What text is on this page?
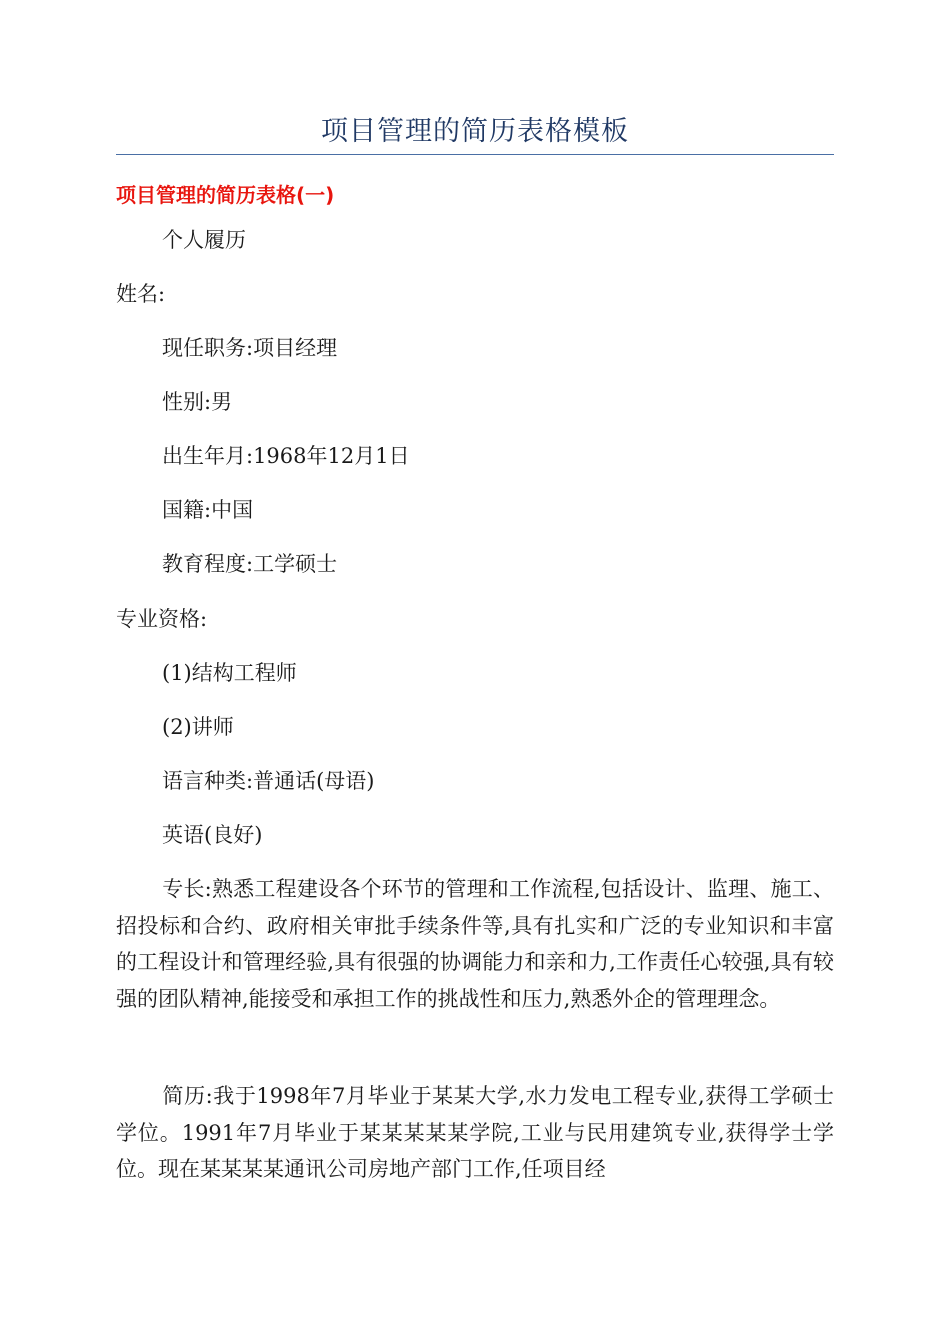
项目管理的简历表格模板
项目管理的简历表格(一)
个人履历
姓名:
现任职务:项目经理
性别:男
出生年月:1968年12月1日
国籍:中国
教育程度:工学硕士
专业资格:
(1)结构工程师
(2)讲师
语言种类:普通话(母语)
英语(良好)
专长:熟悉工程建设各个环节的管理和工作流程,包括设计、监理、施工、招投标和合约、政府相关审批手续条件等,具有扎实和广泛的专业知识和丰富的工程设计和管理经验,具有很强的协调能力和亲和力,工作责任心较强,具有较强的团队精神,能接受和承担工作的挑战性和压力,熟悉外企的管理理念。
简历:我于1998年7月毕业于某某大学,水力发电工程专业,获得工学硕士学位。1991年7月毕业于某某某某某学院,工业与民用建筑专业,获得学士学位。现在某某某某通讯公司房地产部门工作,任项目经
